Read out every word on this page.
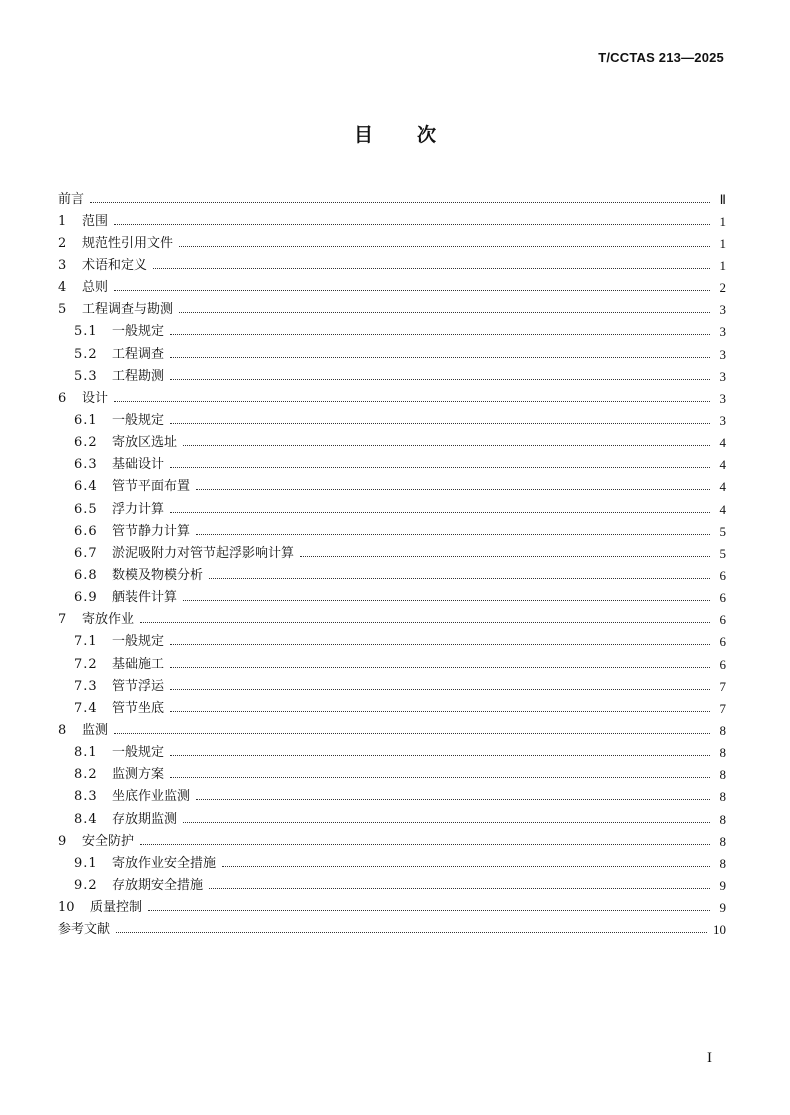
T/CCTAS 213—2025
目 次
前言	Ⅱ
1	范围	1
2	规范性引用文件	1
3	术语和定义	1
4	总则	2
5	工程调查与勘测	3
5.1	一般规定	3
5.2	工程调查	3
5.3	工程勘测	3
6	设计	3
6.1	一般规定	3
6.2	寄放区选址	4
6.3	基础设计	4
6.4	管节平面布置	4
6.5	浮力计算	4
6.6	管节静力计算	5
6.7	淤泥吸附力对管节起浮影响计算	5
6.8	数模及物模分析	6
6.9	舾装件计算	6
7	寄放作业	6
7.1	一般规定	6
7.2	基础施工	6
7.3	管节浮运	7
7.4	管节坐底	7
8	监测	8
8.1	一般规定	8
8.2	监测方案	8
8.3	坐底作业监测	8
8.4	存放期监测	8
9	安全防护	8
9.1	寄放作业安全措施	8
9.2	存放期安全措施	9
10	质量控制	9
参考文献	10
I
